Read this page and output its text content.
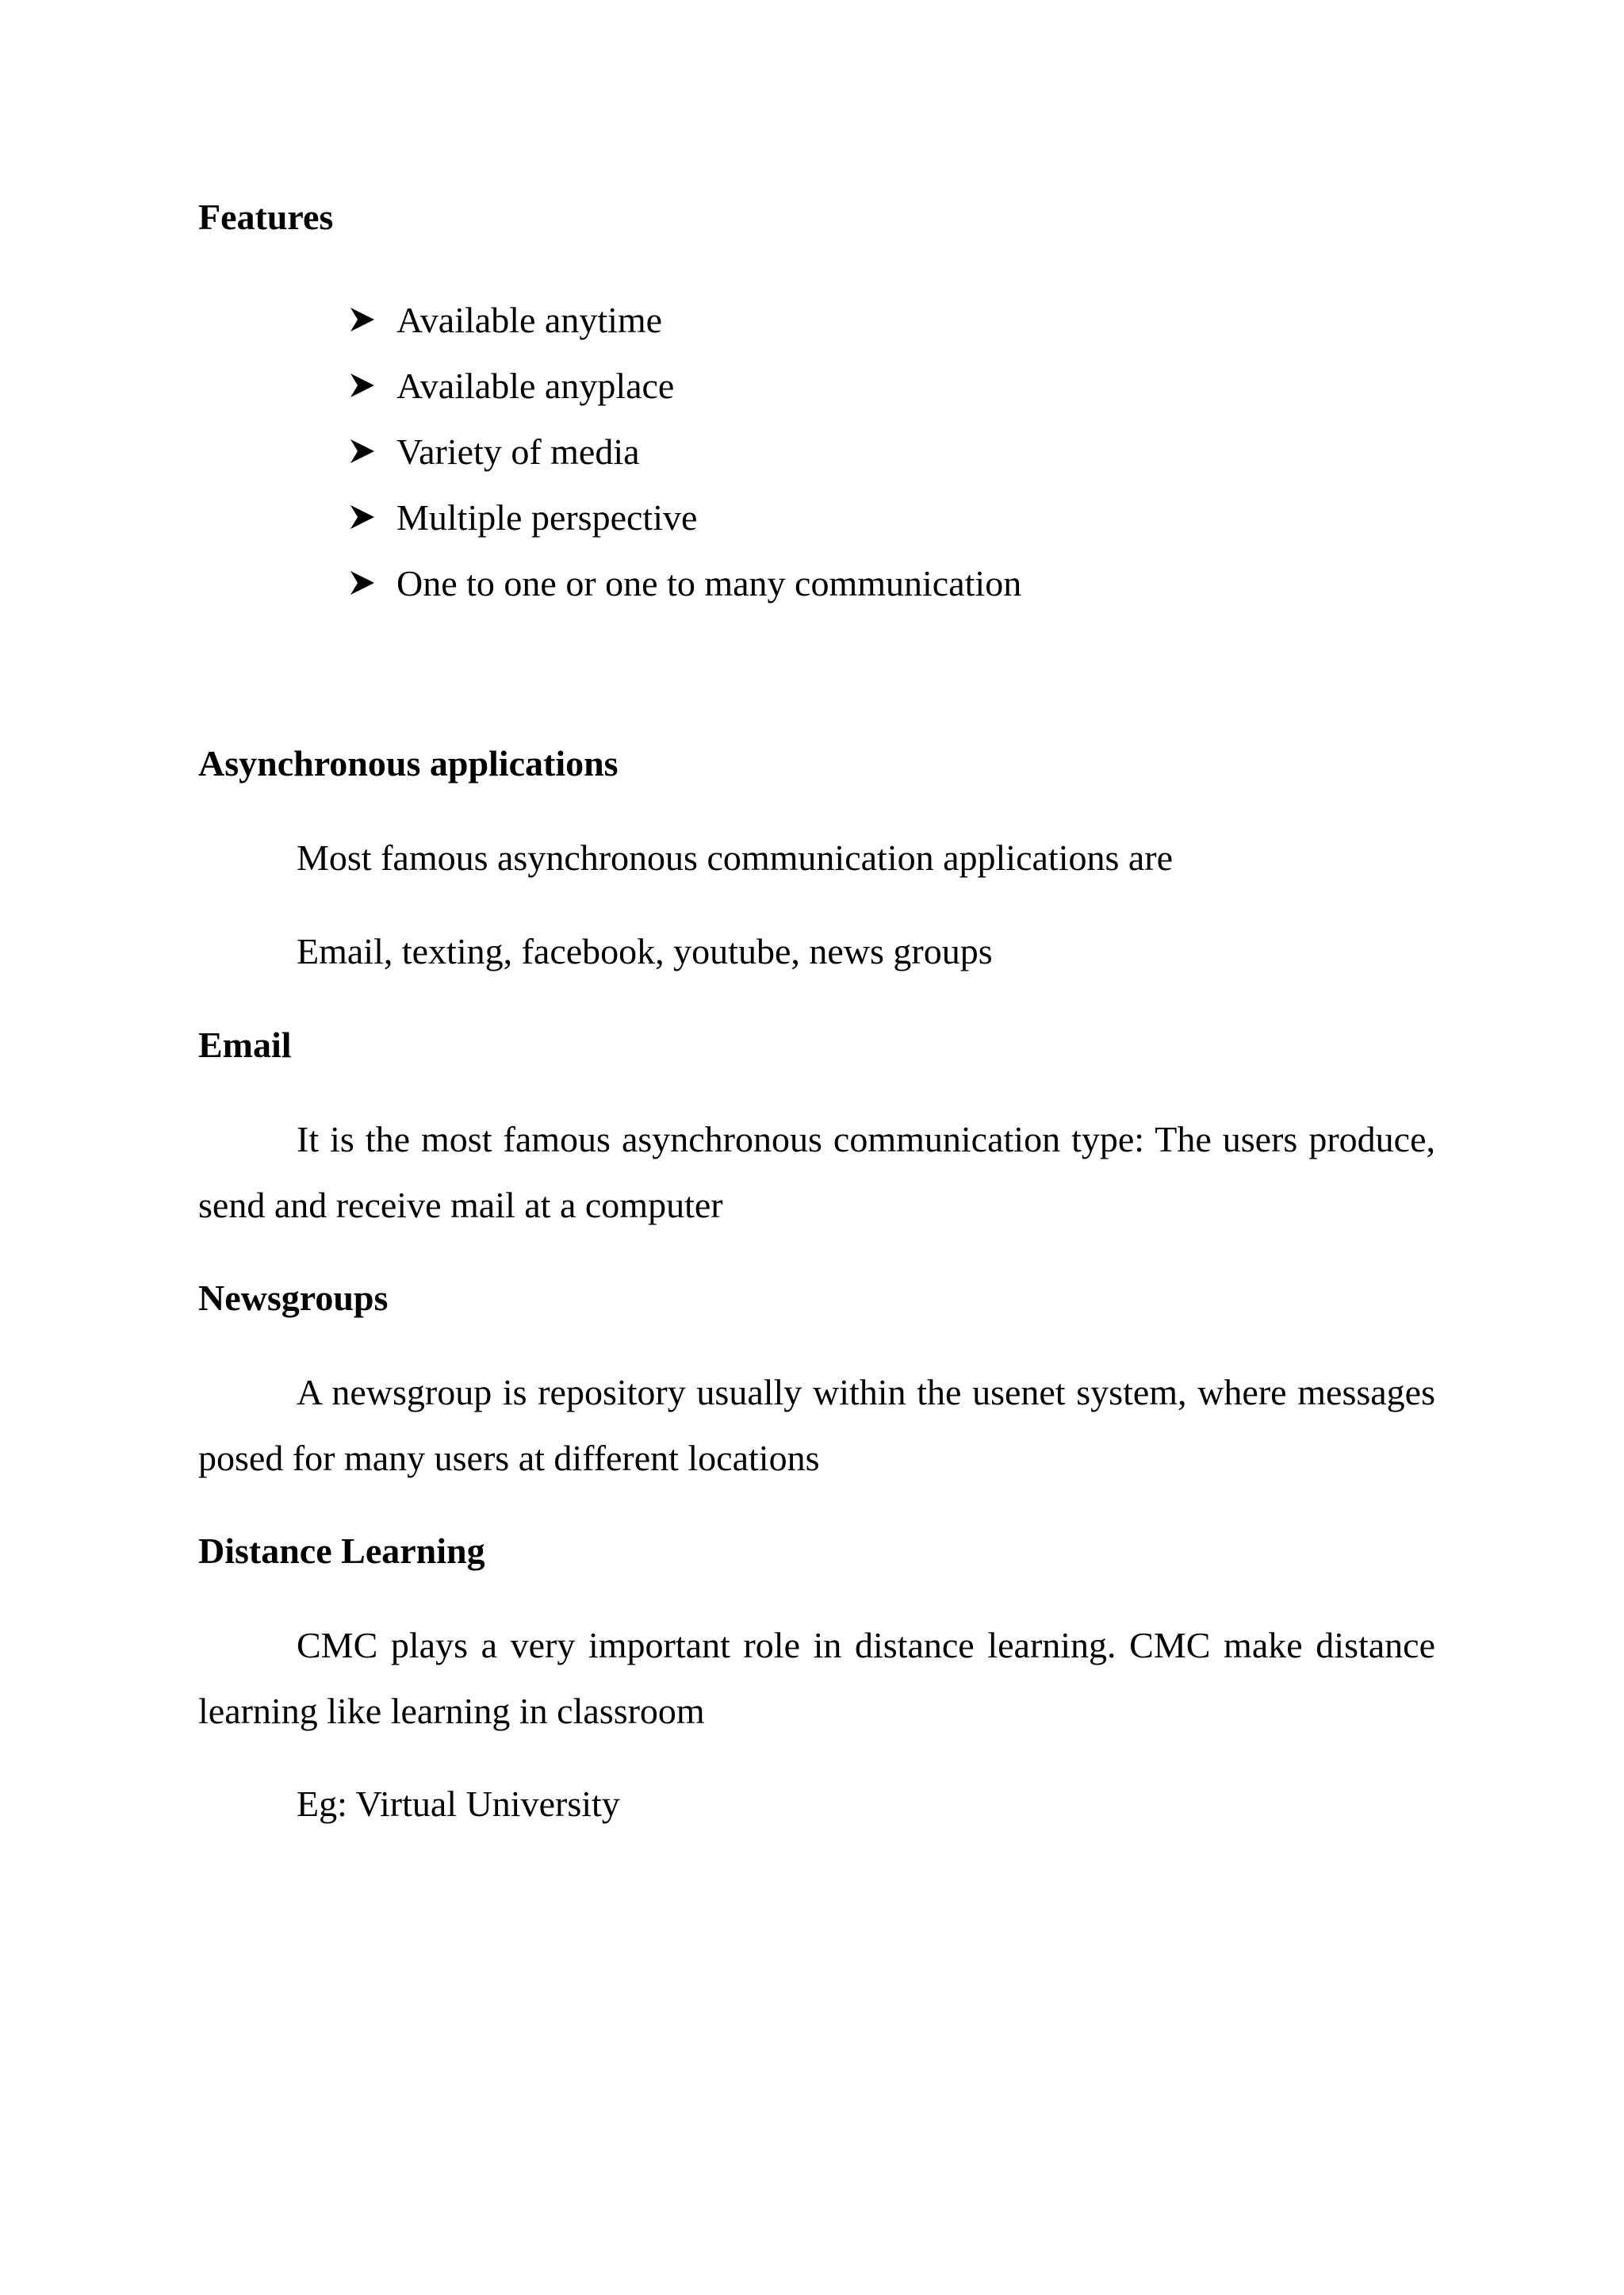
Features
Available anytime
Available anyplace
Variety of media
Multiple perspective
One to one or one to many communication
Asynchronous applications

Most famous asynchronous communication applications are

Email, texting, facebook, youtube, news groups

Email

It is the most famous asynchronous communication type: The users produce, send and receive mail at a computer

Newsgroups

A newsgroup is repository usually within the usenet system, where messages posed for many users at different locations

Distance Learning

CMC plays a very important role in distance learning. CMC make distance learning like learning in classroom

Eg: Virtual University
